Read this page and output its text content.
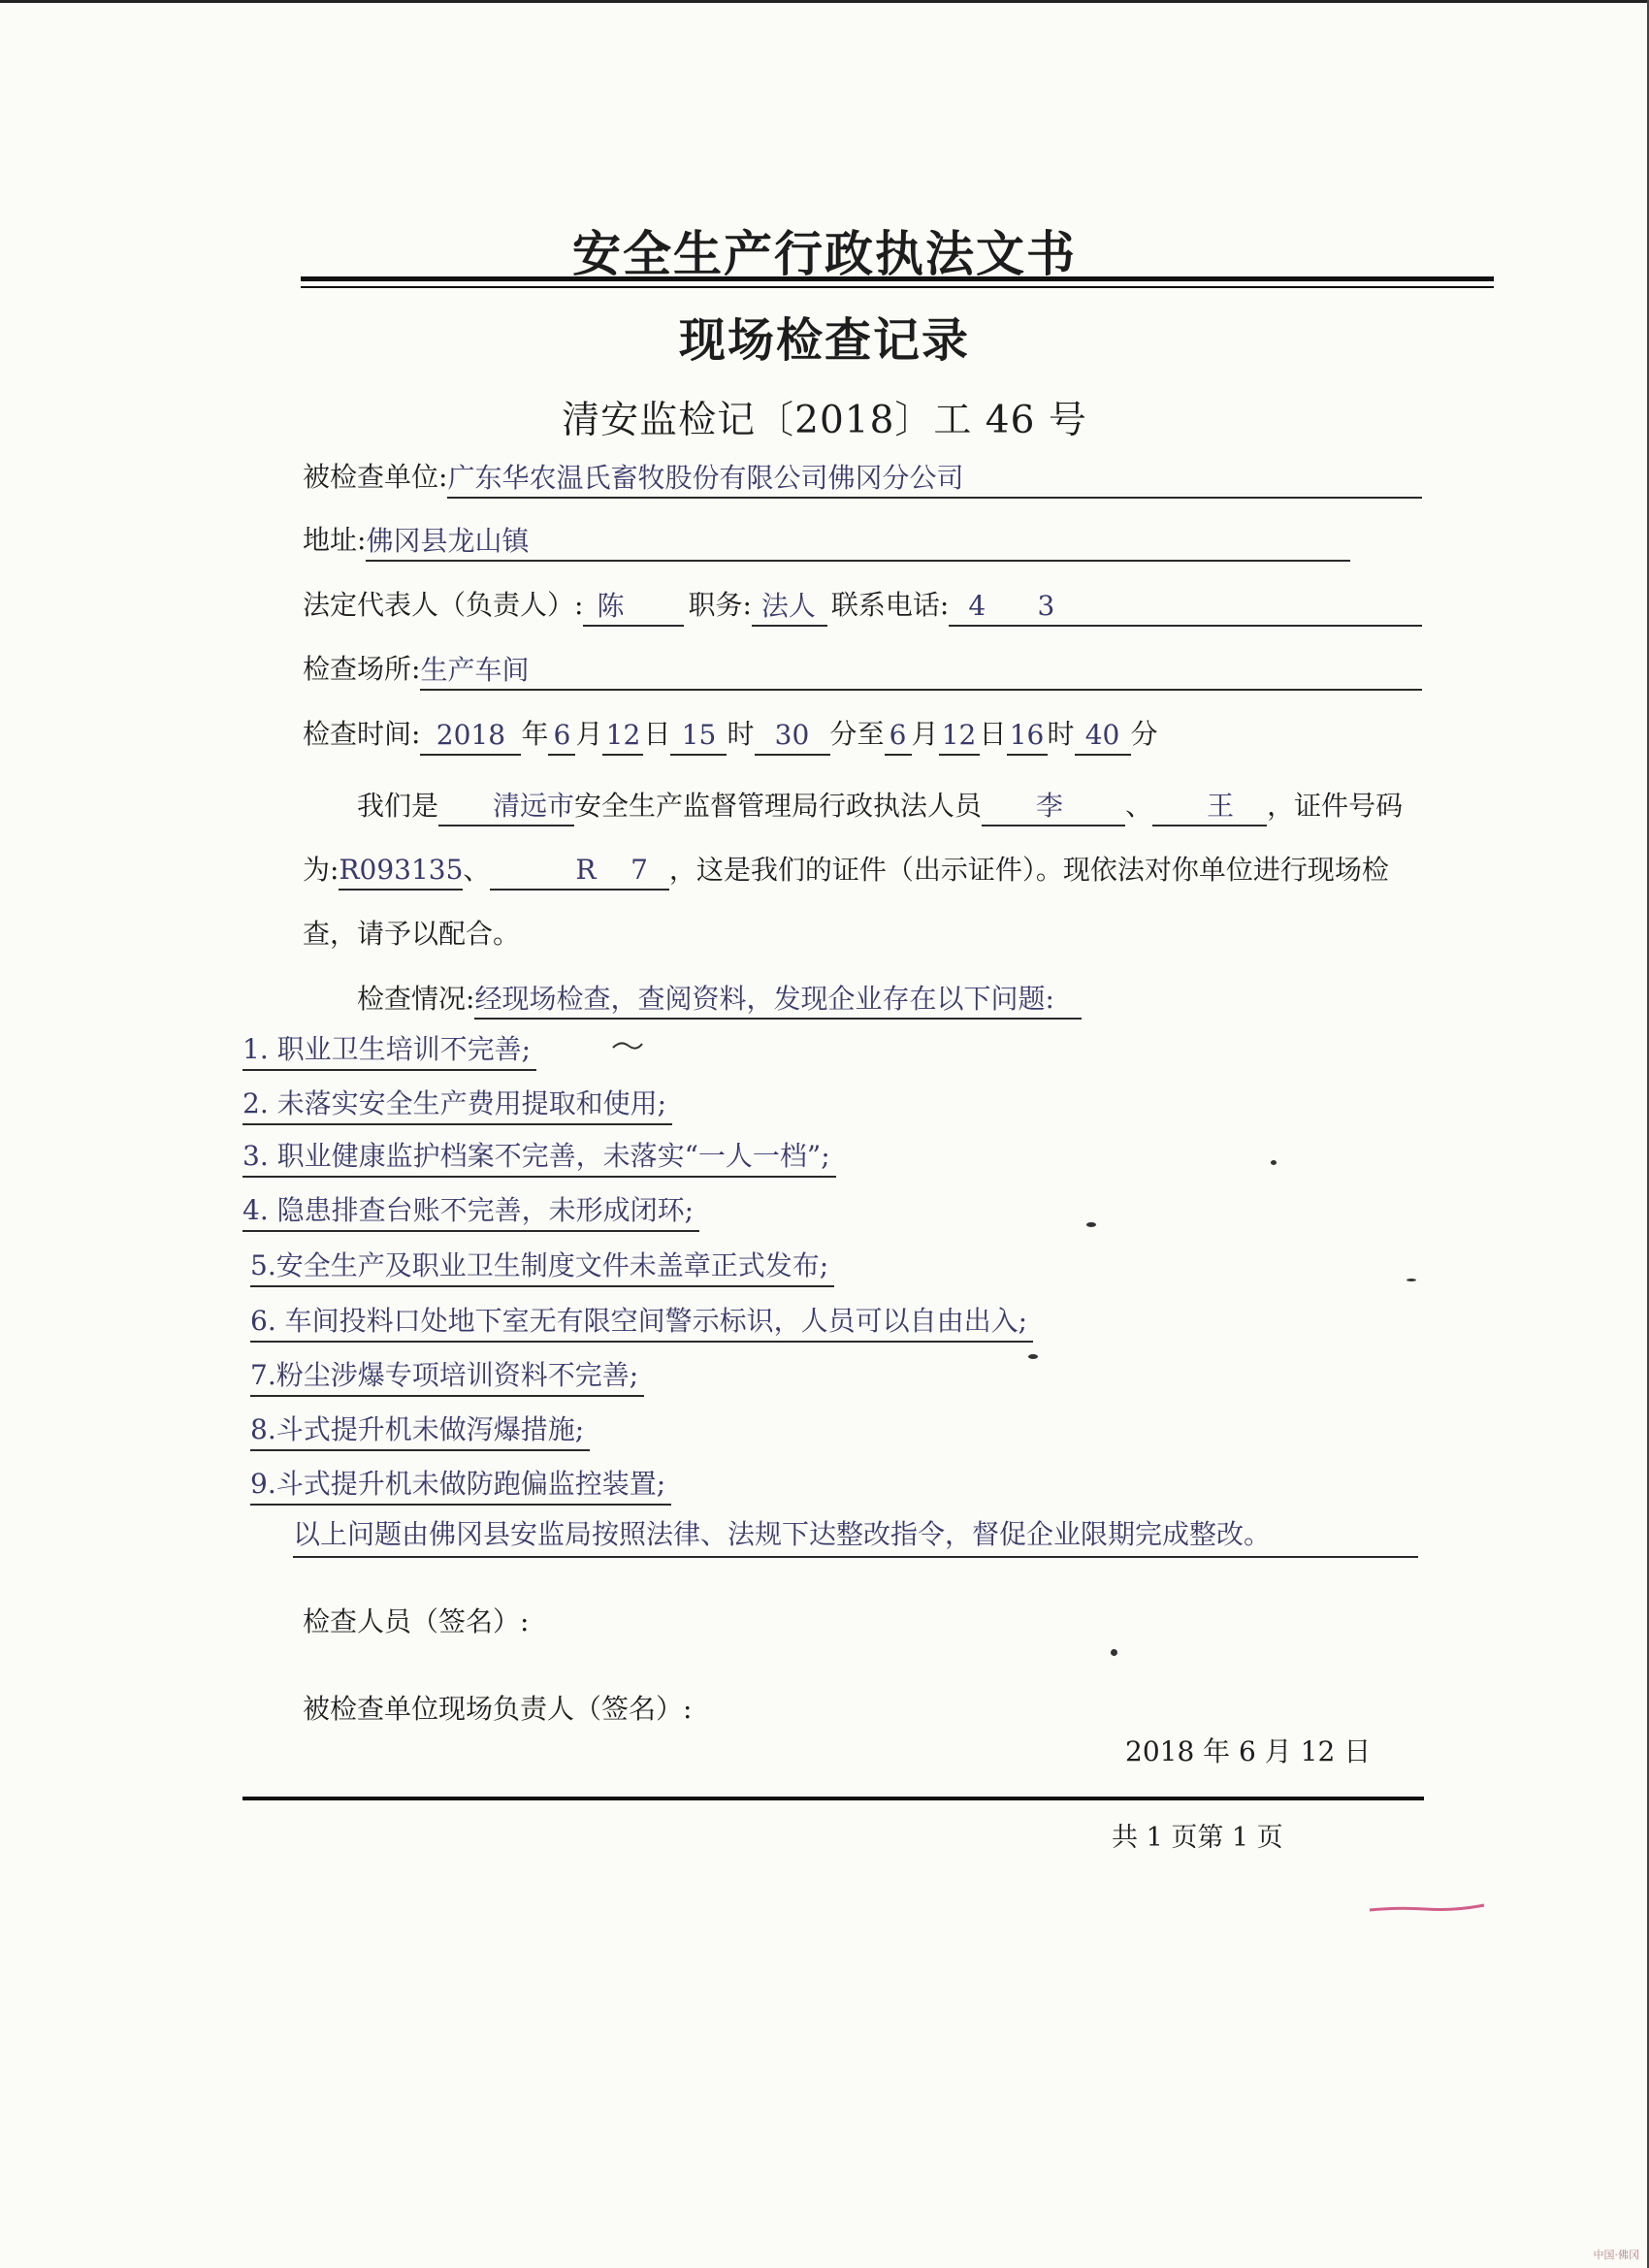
安全生产行政执法文书
现场检查记录
清安监检记〔2018〕工 46 号
被检查单位: 广东华农温氏畜牧股份有限公司佛冈分公司
地址: 佛冈县龙山镇
法定代表人（负责人）: 陈	职务: 法人 联系电话: 4      3
检查场所: 生产车间
检查时间: 2018 年 6 月 12 日 15 时 30 分至 6 月 12 日 16 时 40 分
我们是 清远市安全生产监督管理局行政执法人员 李 、 王 ，证件号码为:R093135、	R    7 ，这是我们的证件（出示证件）。现依法对你单位进行现场检查，请予以配合。
检查情况:经现场检查，查阅资料，发现企业存在以下问题:
1. 职业卫生培训不完善;
2. 未落实安全生产费用提取和使用;
3. 职业健康监护档案不完善，未落实“一人一档”;
4. 隐患排查台账不完善，未形成闭环;
5.安全生产及职业卫生制度文件未盖章正式发布;
6. 车间投料口处地下室无有限空间警示标识，人员可以自由出入;
7.粉尘涉爆专项培训资料不完善;
8.斗式提升机未做泻爆措施;
9.斗式提升机未做防跑偏监控装置;
以上问题由佛冈县安监局按照法律、法规下达整改指令，督促企业限期完成整改。
检查人员（签名）:
被检查单位现场负责人（签名）:
2018 年 6 月 12 日
共 1 页第 1 页
中国·佛冈
